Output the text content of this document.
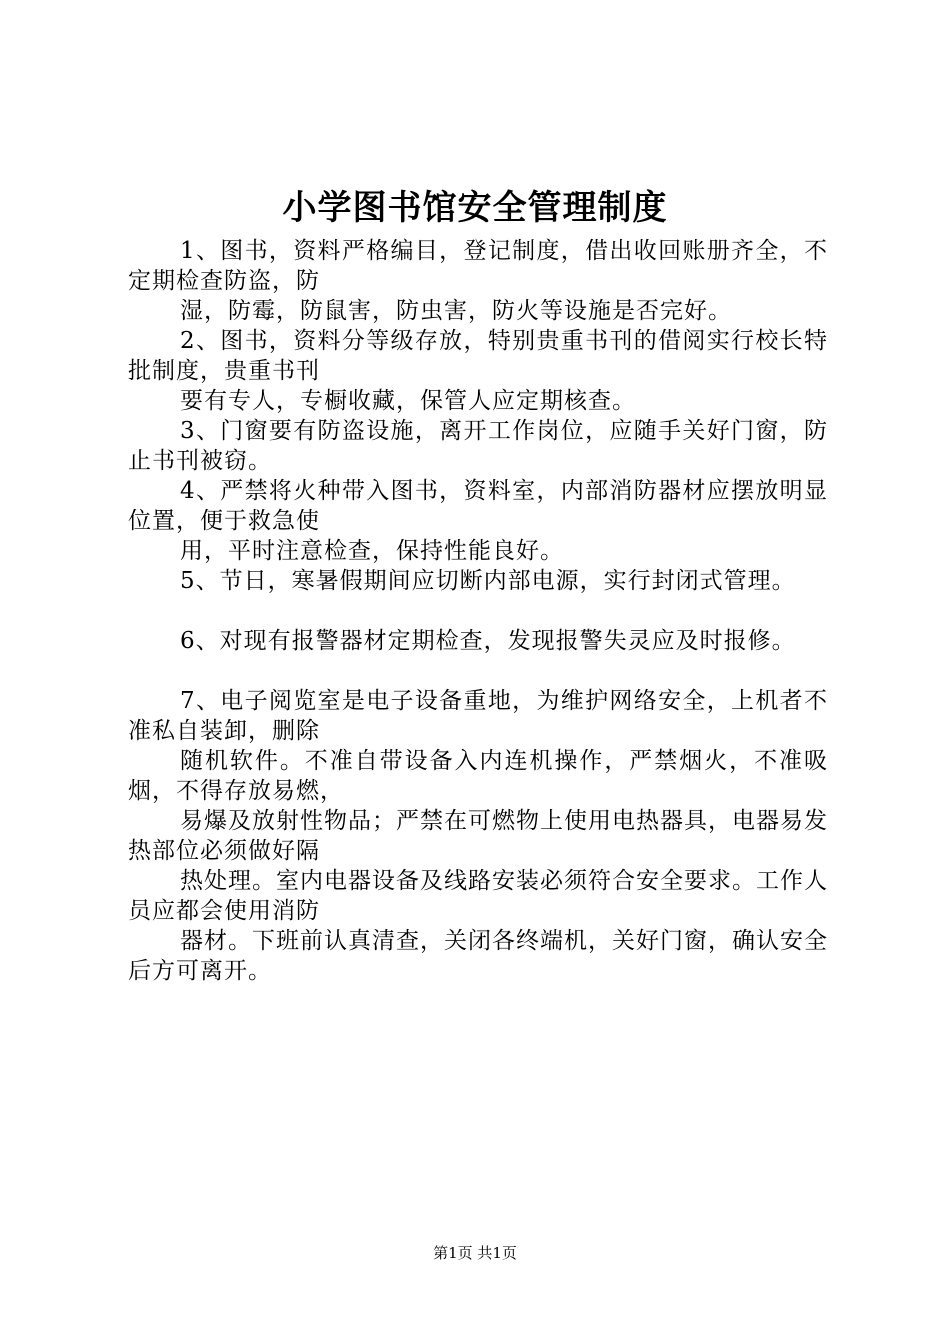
小学图书馆安全管理制度

1、图书，资料严格编目，登记制度，借出收回账册齐全，不定期检查防盗，防

湿，防霉，防鼠害，防虫害，防火等设施是否完好。

2、图书，资料分等级存放，特别贵重书刊的借阅实行校长特批制度，贵重书刊

要有专人，专橱收藏，保管人应定期核查。

3、门窗要有防盗设施，离开工作岗位，应随手关好门窗，防止书刊被窃。

4、严禁将火种带入图书，资料室，内部消防器材应摆放明显位置，便于救急使

用，平时注意检查，保持性能良好。

5、节日，寒暑假期间应切断内部电源，实行封闭式管理。

6、对现有报警器材定期检查，发现报警失灵应及时报修。

7、电子阅览室是电子设备重地，为维护网络安全，上机者不准私自装卸，删除

随机软件。不准自带设备入内连机操作，严禁烟火，不准吸烟，不得存放易燃，

易爆及放射性物品；严禁在可燃物上使用电热器具，电器易发热部位必须做好隔

热处理。室内电器设备及线路安装必须符合安全要求。工作人员应都会使用消防

器材。下班前认真清查，关闭各终端机，关好门窗，确认安全后方可离开。

第1页 共1页
